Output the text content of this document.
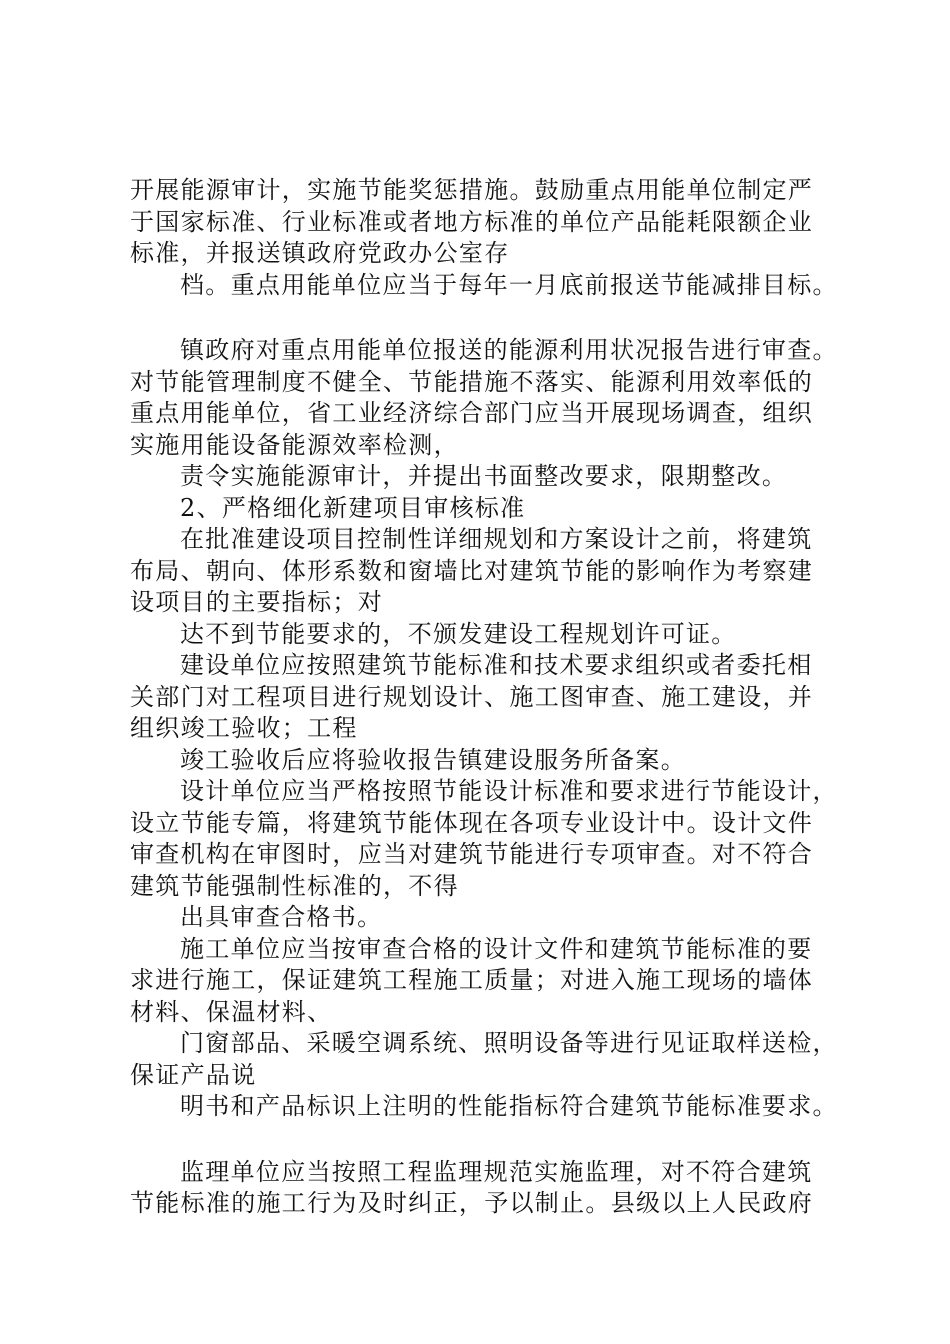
开展能源审计，实施节能奖惩措施。鼓励重点用能单位制定严
于国家标准、行业标准或者地方标准的单位产品能耗限额企业
标准，并报送镇政府党政办公室存
档。重点用能单位应当于每年一月底前报送节能减排目标。
镇政府对重点用能单位报送的能源利用状况报告进行审查。
对节能管理制度不健全、节能措施不落实、能源利用效率低的
重点用能单位，省工业经济综合部门应当开展现场调查，组织
实施用能设备能源效率检测，
责令实施能源审计，并提出书面整改要求，限期整改。
2、严格细化新建项目审核标准
在批准建设项目控制性详细规划和方案设计之前，将建筑
布局、朝向、体形系数和窗墙比对建筑节能的影响作为考察建
设项目的主要指标；对
达不到节能要求的，不颁发建设工程规划许可证。
建设单位应按照建筑节能标准和技术要求组织或者委托相
关部门对工程项目进行规划设计、施工图审查、施工建设，并
组织竣工验收；工程
竣工验收后应将验收报告镇建设服务所备案。
设计单位应当严格按照节能设计标准和要求进行节能设计，
设立节能专篇，将建筑节能体现在各项专业设计中。设计文件
审查机构在审图时，应当对建筑节能进行专项审查。对不符合
建筑节能强制性标准的，不得
出具审查合格书。
施工单位应当按审查合格的设计文件和建筑节能标准的要
求进行施工，保证建筑工程施工质量；对进入施工现场的墙体
材料、保温材料、
门窗部品、采暖空调系统、照明设备等进行见证取样送检，
保证产品说
明书和产品标识上注明的性能指标符合建筑节能标准要求。
监理单位应当按照工程监理规范实施监理，对不符合建筑
节能标准的施工行为及时纠正，予以制止。县级以上人民政府
